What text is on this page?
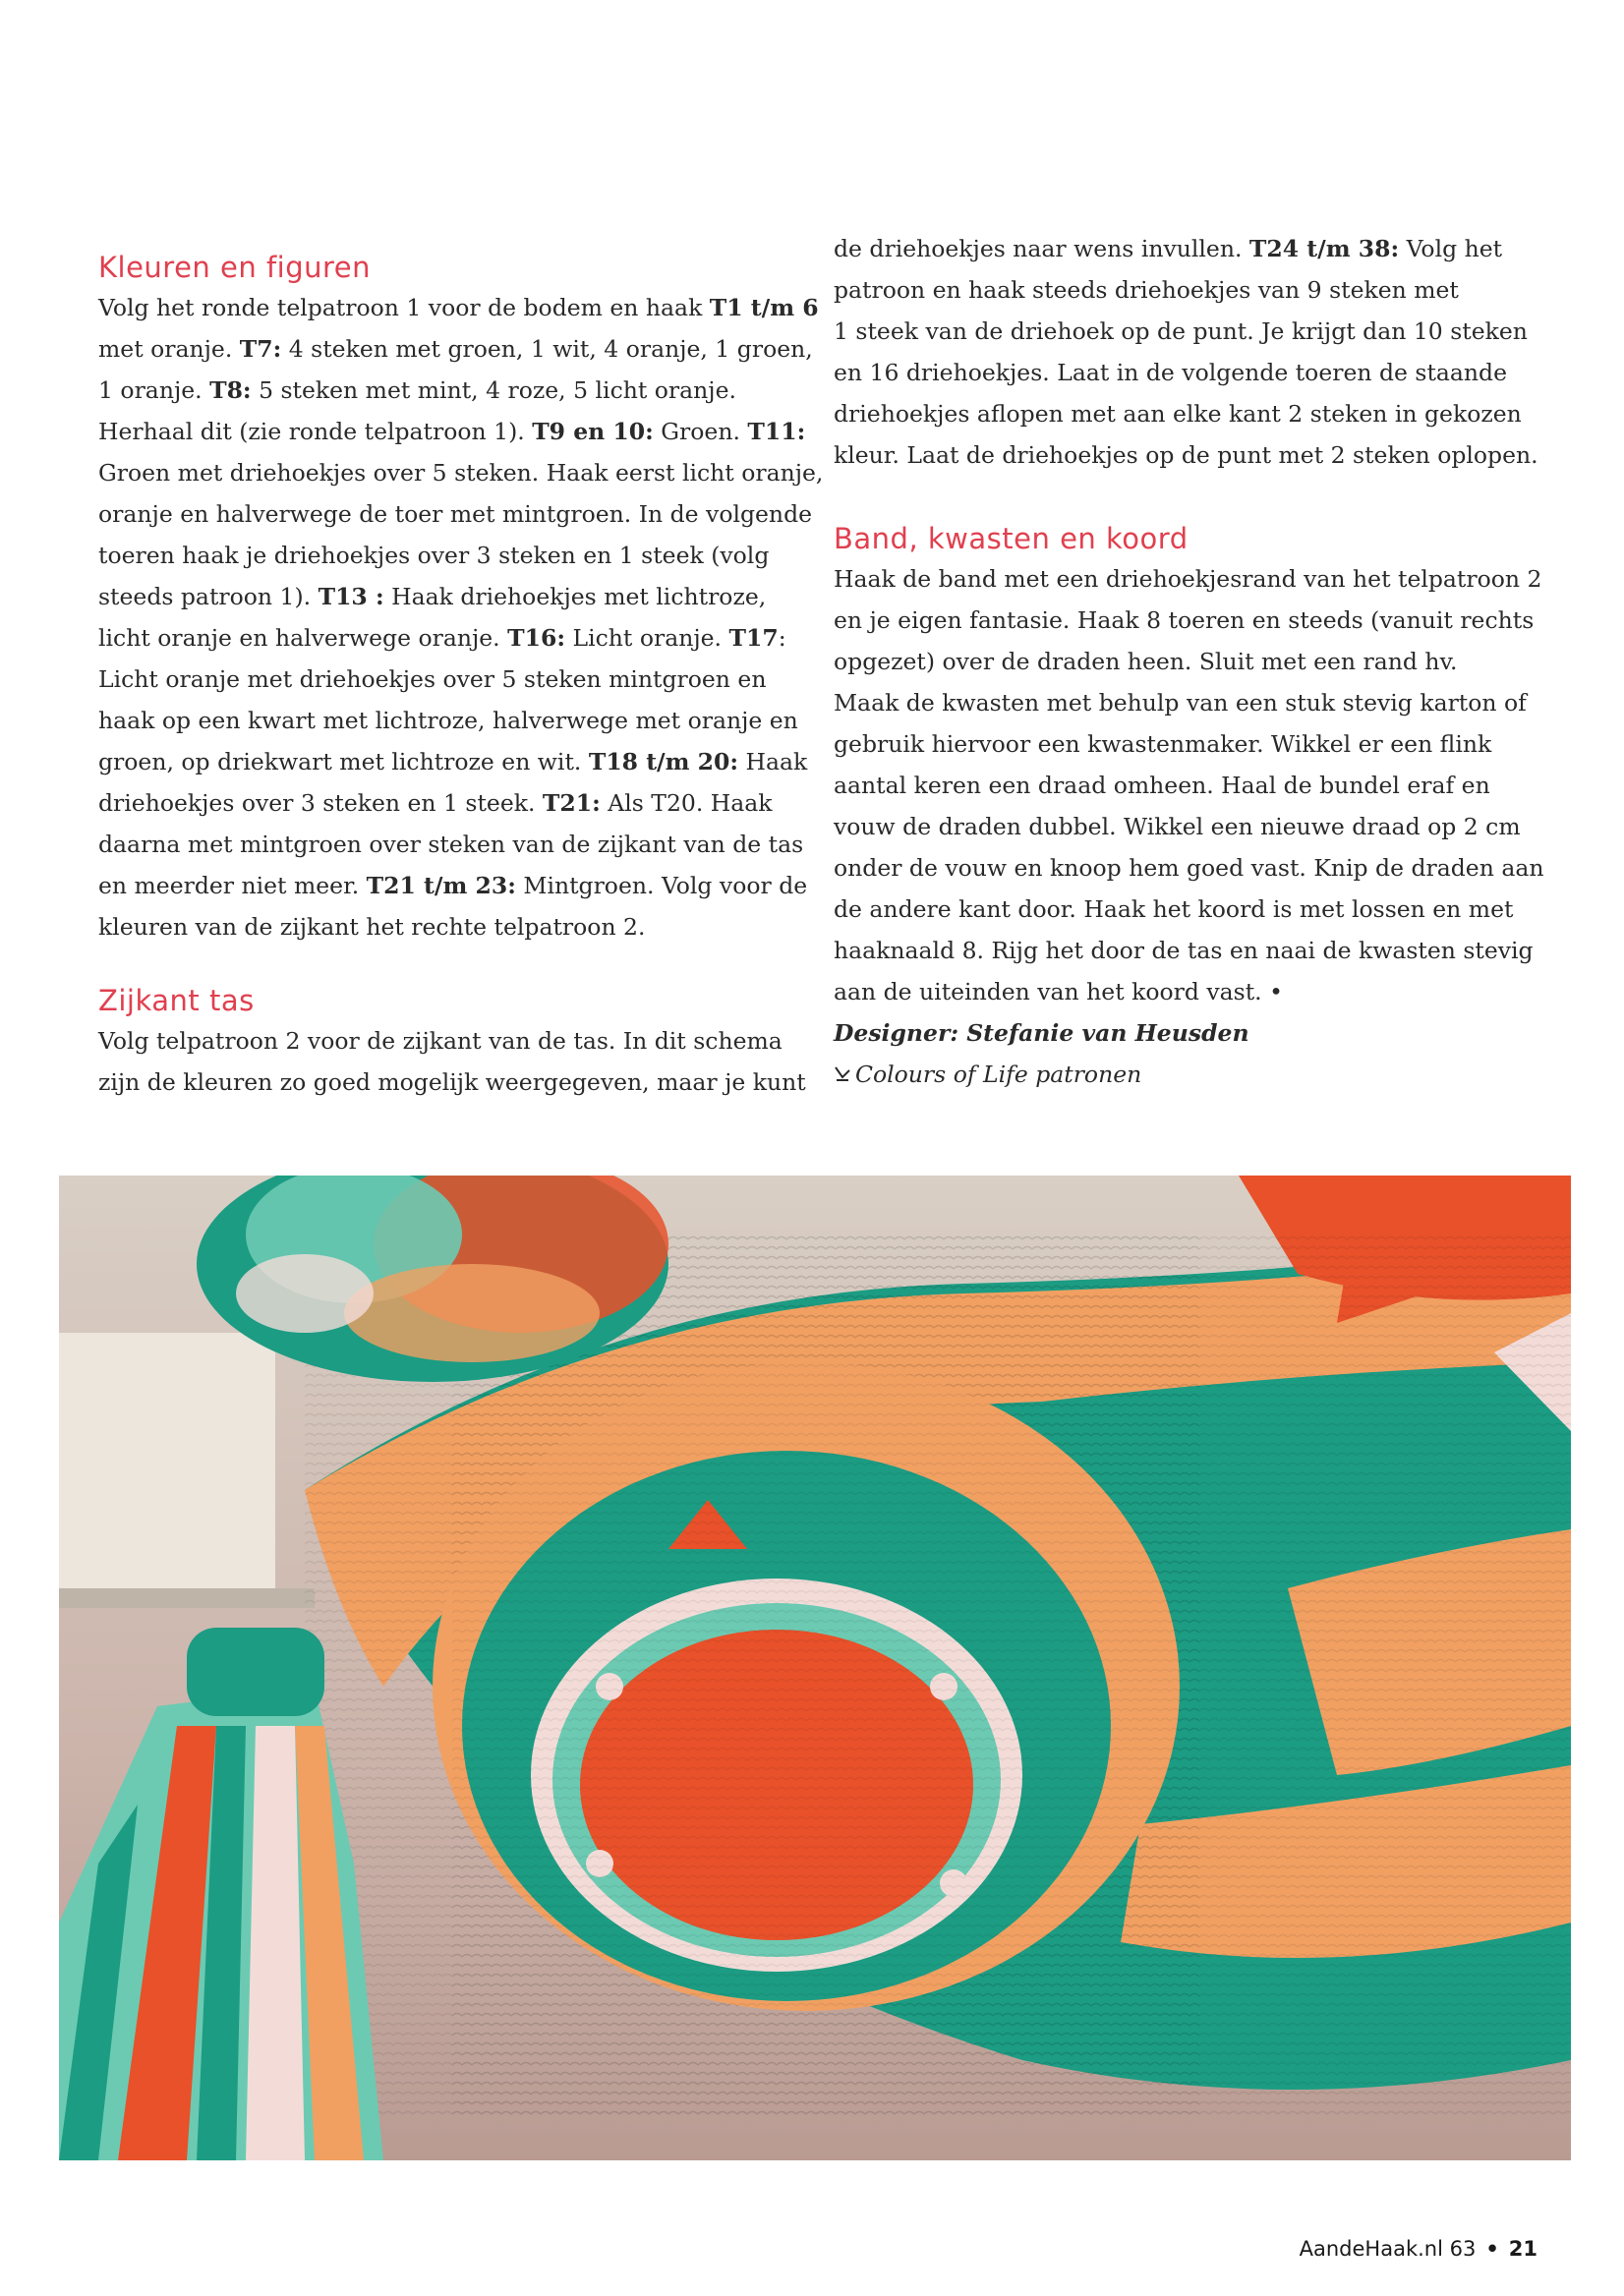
Kleuren en figuren
Volg het ronde telpatroon 1 voor de bodem en haak T1 t/m 6
met oranje. T7: 4 steken met groen, 1 wit, 4 oranje, 1 groen,
1 oranje. T8: 5 steken met mint, 4 roze, 5 licht oranje.
Herhaal dit (zie ronde telpatroon 1). T9 en 10: Groen. T11:
Groen met driehoekjes over 5 steken. Haak eerst licht oranje,
oranje en halverwege de toer met mintgroen. In de volgende
toeren haak je driehoekjes over 3 steken en 1 steek (volg
steeds patroon 1). T13 : Haak driehoekjes met lichtroze,
licht oranje en halverwege oranje. T16: Licht oranje. T17:
Licht oranje met driehoekjes over 5 steken mintgroen en
haak op een kwart met lichtroze, halverwege met oranje en
groen, op driekwart met lichtroze en wit. T18 t/m 20: Haak
driehoekjes over 3 steken en 1 steek. T21: Als T20. Haak
daarna met mintgroen over steken van de zijkant van de tas
en meerder niet meer. T21 t/m 23: Mintgroen. Volg voor de
kleuren van de zijkant het rechte telpatroon 2.
Zijkant tas
Volg telpatroon 2 voor de zijkant van de tas. In dit schema
zijn de kleuren zo goed mogelijk weergegeven, maar je kunt
de driehoekjes naar wens invullen. T24 t/m 38: Volg het
patroon en haak steeds driehoekjes van 9 steken met
1 steek van de driehoek op de punt. Je krijgt dan 10 steken
en 16 driehoekjes. Laat in de volgende toeren de staande
driehoekjes aflopen met aan elke kant 2 steken in gekozen
kleur. Laat de driehoekjes op de punt met 2 steken oplopen.
Band, kwasten en koord
Haak de band met een driehoekjesrand van het telpatroon 2
en je eigen fantasie. Haak 8 toeren en steeds (vanuit rechts
opgezet) over de draden heen. Sluit met een rand hv.
Maak de kwasten met behulp van een stuk stevig karton of
gebruik hiervoor een kwastenmaker. Wikkel er een flink
aantal keren een draad omheen. Haal de bundel eraf en
vouw de draden dubbel. Wikkel een nieuwe draad op 2 cm
onder de vouw en knoop hem goed vast. Knip de draden aan
de andere kant door. Haak het koord is met lossen en met
haaknaald 8. Rijg het door de tas en naai de kwasten stevig
aan de uiteinden van het koord vast. •
Designer: Stefanie van Heusden
Colours of Life patronen
AandeHaak.nl 63 • 21
